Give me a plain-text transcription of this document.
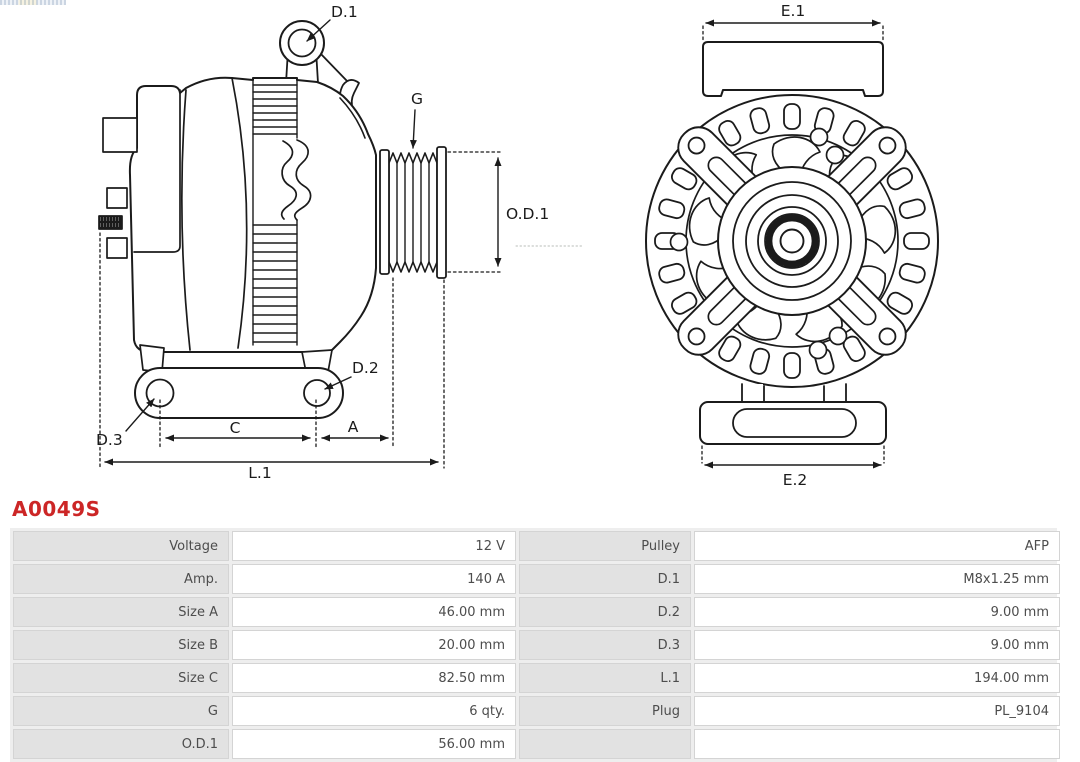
D.1
G
O.D.1
D.2
D.3
C	A
L.1
E.1
E.2
A0049S
Voltage	12 V	Pulley	AFP
Amp.	140 A	D.1	M8x1.25 mm
Size A	46.00 mm	D.2	9.00 mm
Size B	20.00 mm	D.3	9.00 mm
Size C	82.50 mm	L.1	194.00 mm
G	6 qty.	Plug	PL_9104
O.D.1	56.00 mm
